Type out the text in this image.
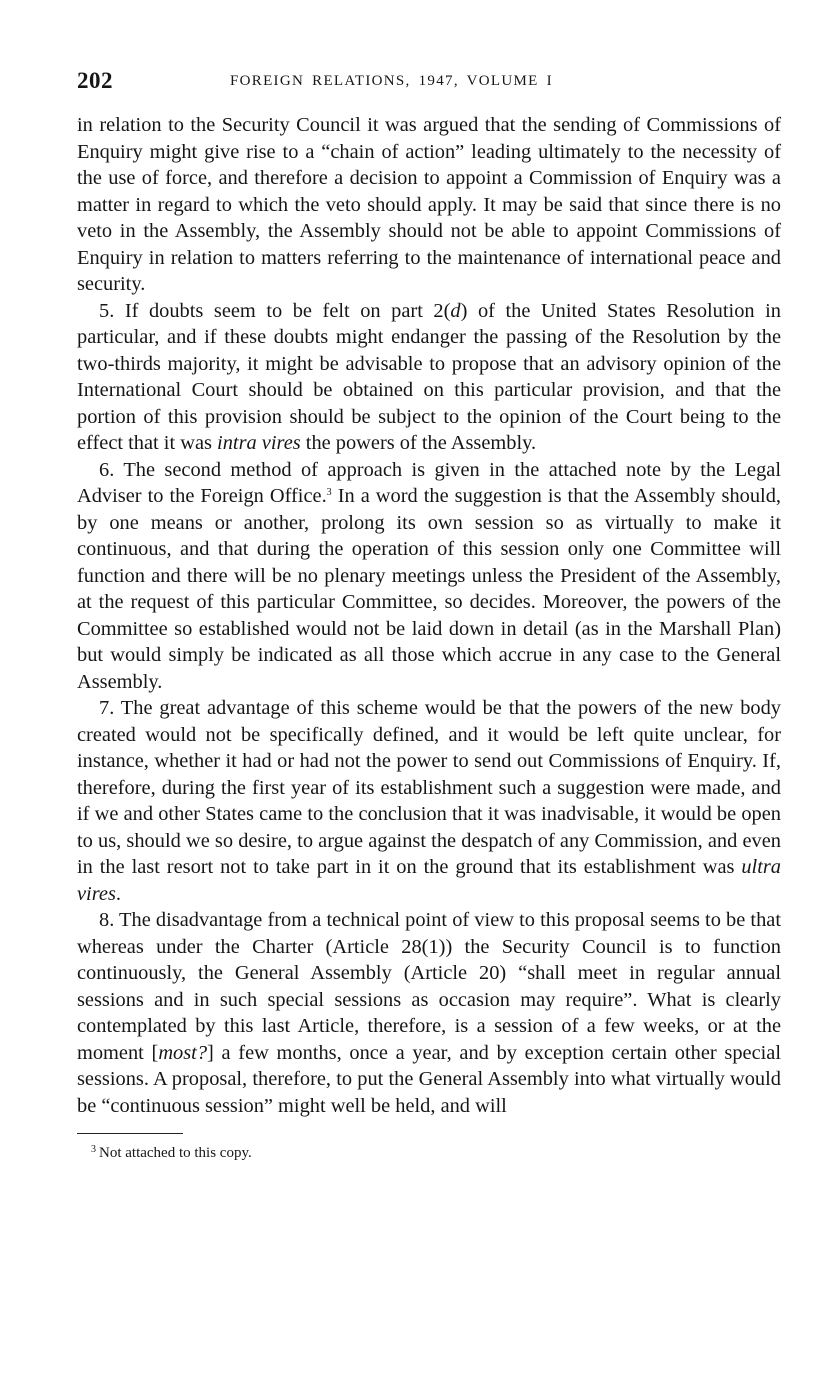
202	FOREIGN RELATIONS, 1947, VOLUME I

in relation to the Security Council it was argued that the sending of Commissions of Enquiry might give rise to a “chain of action” leading ultimately to the necessity of the use of force, and therefore a decision to appoint a Commission of Enquiry was a matter in regard to which the veto should apply. It may be said that since there is no veto in the Assembly, the Assembly should not be able to appoint Commissions of Enquiry in relation to matters referring to the maintenance of international peace and security.

5. If doubts seem to be felt on part 2(d) of the United States Resolution in particular, and if these doubts might endanger the passing of the Resolution by the two-thirds majority, it might be advisable to propose that an advisory opinion of the International Court should be obtained on this particular provision, and that the portion of this provision should be subject to the opinion of the Court being to the effect that it was intra vires the powers of the Assembly.

6. The second method of approach is given in the attached note by the Legal Adviser to the Foreign Office.$^3$ In a word the suggestion is that the Assembly should, by one means or another, prolong its own session so as virtually to make it continuous, and that during the operation of this session only one Committee will function and there will be no plenary meetings unless the President of the Assembly, at the request of this particular Committee, so decides. Moreover, the powers of the Committee so established would not be laid down in detail (as in the Marshall Plan) but would simply be indicated as all those which accrue in any case to the General Assembly.

7. The great advantage of this scheme would be that the powers of the new body created would not be specifically defined, and it would be left quite unclear, for instance, whether it had or had not the power to send out Commissions of Enquiry. If, therefore, during the first year of its establishment such a suggestion were made, and if we and other States came to the conclusion that it was inadvisable, it would be open to us, should we so desire, to argue against the despatch of any Commission, and even in the last resort not to take part in it on the ground that its establishment was ultra vires.

8. The disadvantage from a technical point of view to this proposal seems to be that whereas under the Charter (Article 28(1)) the Security Council is to function continuously, the General Assembly (Article 20) “shall meet in regular annual sessions and in such special sessions as occasion may require”. What is clearly contemplated by this last Article, therefore, is a session of a few weeks, or at the moment [most?] a few months, once a year, and by exception certain other special sessions. A proposal, therefore, to put the General Assembly into what virtually would be “continuous session” might well be held, and will

$^3$ Not attached to this copy.
